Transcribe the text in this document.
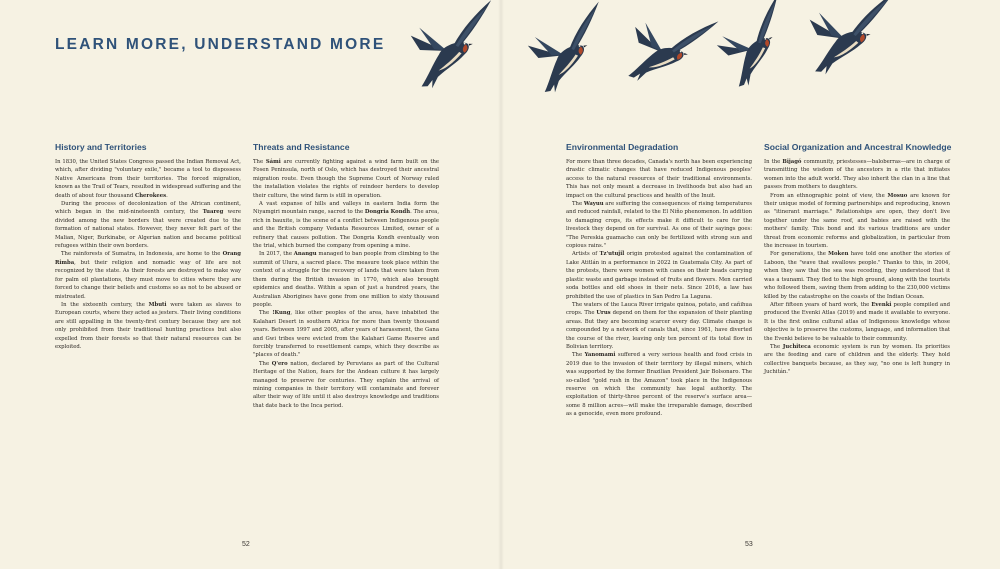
LEARN MORE, UNDERSTAND MORE
History and Territories

In 1830, the United States Congress passed the Indian Removal Act, which, after dividing "voluntary exile," became a tool to dispossess Native Americans from their territories. The forced migration, known as the Trail of Tears, resulted in widespread suffering and the death of about four thousand Cherokees.

During the process of decolonization of the African continent, which began in the mid-nineteenth century, the Tuareg were divided among the new borders that were created due to the formation of national states. However, they never felt part of the Malian, Niger, Burkinabe, or Algerian nation and became political refugees within their own borders.

The rainforests of Sumatra, in Indonesia, are home to the Orang Rimba, but their religion and nomadic way of life are not recognized by the state. As their forests are destroyed to make way for palm oil plantations, they must move to cities where they are forced to change their beliefs and customs so as not to be abused or mistreated.

In the sixteenth century, the Mbuti were taken as slaves to European courts, where they acted as jesters. Their living conditions are still appalling in the twenty-first century because they are not only prohibited from their traditional hunting practices but also expelled from their forests so that their natural resources can be exploited.

Threats and Resistance

The Sámi are currently fighting against a wind farm built on the Fosen Peninsula, north of Oslo, which has destroyed their ancestral migration route. Even though the Supreme Court of Norway ruled the installation violates the rights of reindeer herders to develop their culture, the wind farm is still in operation.

A vast expanse of hills and valleys in eastern India form the Niyamgiri mountain range, sacred to the Dongria Kondh. The area, rich in bauxite, is the scene of a conflict between Indigenous people and the British company Vedanta Resources Limited, owner of a refinery that causes pollution. The Dongria Kondh eventually won the trial, which burned the company from opening a mine.

In 2017, the Anangu managed to ban people from climbing to the summit of Uluru, a sacred place. The measure took place within the context of a struggle for the recovery of lands that were taken from them during the British invasion in 1770, which also brought epidemics and deaths. Within a span of just a hundred years, the Australian Aborigines have gone from one million to sixty thousand people.

The !Kung, like other peoples of the area, have inhabited the Kalahari Desert in southern Africa for more than twenty thousand years. Between 1997 and 2005, after years of harassment, the Gana and Gwi tribes were evicted from the Kalahari Game Reserve and forcibly transferred to resettlement camps, which they describe as "places of death."

The Q'ero nation, declared by Peruvians as part of the Cultural Heritage of the Nation, fears for the Andean culture it has largely managed to preserve for centuries. They explain the arrival of mining companies in their territory will contaminate and forever alter their way of life until it also destroys knowledge and traditions that date back to the Inca period.

Environmental Degradation

For more than three decades, Canada's north has been experiencing drastic climatic changes that have reduced Indigenous peoples' access to the natural resources of their traditional environments. This has not only meant a decrease in livelihoods but also had an impact on the cultural practices and health of the Inuit.

The Wayuu are suffering the consequences of rising temperatures and reduced rainfall, related to the El Niño phenomenon. In addition to damaging crops, its effects make it difficult to care for the livestock they depend on for survival. As one of their sayings goes: "The Pereskia guamacho can only be fertilized with strong sun and copious rains."

Artists of Tz'utujil origin protested against the contamination of Lake Atitlán in a performance in 2022 in Guatemala City. As part of the protests, there were women with canes on their heads carrying plastic waste and garbage instead of fruits and flowers. Men carried soda bottles and old shoes in their nets. Since 2016, a law has prohibited the use of plastics in San Pedro La Laguna.

The waters of the Lauca River irrigate quinoa, potato, and cañihua crops. The Urus depend on them for the expansion of their planting areas. But they are becoming scarcer every day. Climate change is compounded by a network of canals that, since 1961, have diverted the course of the river, leaving only ten percent of its total flow in Bolivian territory.

The Yanomami suffered a very serious health and food crisis in 2019 due to the invasion of their territory by illegal miners, which was supported by the former Brazilian President Jair Bolsonaro. The so-called "gold rush in the Amazon" took place in the Indigenous reserve on which the community has legal authority. The exploitation of thirty-three percent of the reserve's surface area—some 8 million acres—will make the irreparable damage, described as a genocide, even more profound.

Social Organization and Ancestral Knowledge

In the Bijagó community, priestesses—baloberras—are in charge of transmitting the wisdom of the ancestors in a rite that initiates women into the adult world. They also inherit the clan in a line that passes from mothers to daughters.

From an ethnographic point of view, the Mosuo are known for their unique model of forming partnerships and reproducing, known as "itinerant marriage." Relationships are open, they don't live together under the same roof, and babies are raised with the mothers' family. This bond and its various traditions are under threat from economic reforms and globalization, in particular from the increase in tourism.

For generations, the Moken have told one another the stories of Laboon, the "wave that swallows people." Thanks to this, in 2004, when they saw that the sea was receding, they understood that it was a tsunami. They fled to the high ground, along with the tourists who followed them, saving them from adding to the 230,000 victims killed by the catastrophe on the coasts of the Indian Ocean.

After fifteen years of hard work, the Evenki people compiled and produced the Evenki Atlas (2019) and made it available to everyone. It is the first online cultural atlas of Indigenous knowledge whose objective is to preserve the customs, language, and information that the Evenki believe to be valuable to their community.

The Juchiteca economic system is run by women. Its priorities are the feeding and care of children and the elderly. They hold collective banquets because, as they say, "no one is left hungry in Juchitán."

52	53
